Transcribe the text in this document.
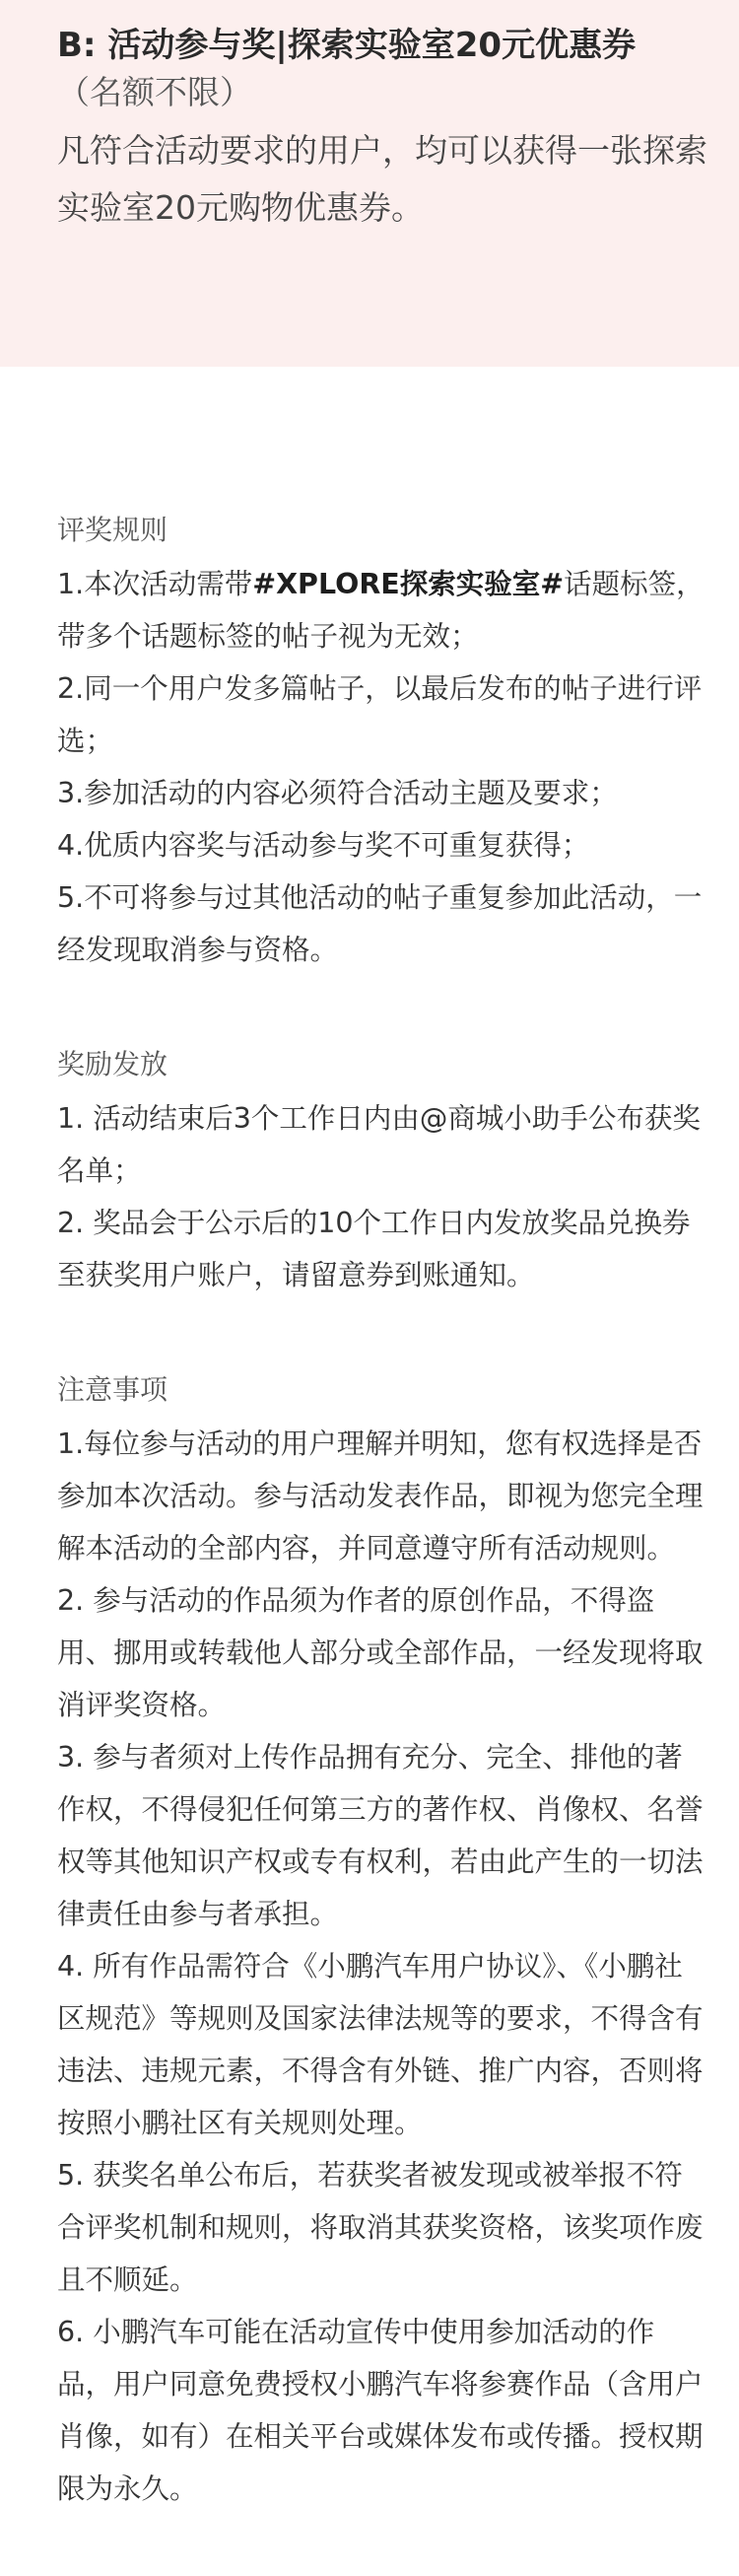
B: 活动参与奖|探索实验室20元优惠券

（名额不限）

凡符合活动要求的用户，均可以获得一张探索实验室20元购物优惠券。

评奖规则

1.本次活动需带#XPLORE探索实验室#话题标签，带多个话题标签的帖子视为无效；

2.同一个用户发多篇帖子，以最后发布的帖子进行评选；

3.参加活动的内容必须符合活动主题及要求；

4.优质内容奖与活动参与奖不可重复获得；

5.不可将参与过其他活动的帖子重复参加此活动，一经发现取消参与资格。

奖励发放

1. 活动结束后3个工作日内由@商城小助手公布获奖名单；

2. 奖品会于公示后的10个工作日内发放奖品兑换券至获奖用户账户，请留意券到账通知。

注意事项

1.每位参与活动的用户理解并明知，您有权选择是否参加本次活动。参与活动发表作品，即视为您完全理解本活动的全部内容，并同意遵守所有活动规则。

2. 参与活动的作品须为作者的原创作品，不得盗用、挪用或转载他人部分或全部作品，一经发现将取消评奖资格。

3. 参与者须对上传作品拥有充分、完全、排他的著作权，不得侵犯任何第三方的著作权、肖像权、名誉权等其他知识产权或专有权利，若由此产生的一切法律责任由参与者承担。

4. 所有作品需符合《小鹏汽车用户协议》、《小鹏社区规范》等规则及国家法律法规等的要求，不得含有违法、违规元素，不得含有外链、推广内容，否则将按照小鹏社区有关规则处理。

5. 获奖名单公布后，若获奖者被发现或被举报不符合评奖机制和规则，将取消其获奖资格，该奖项作废且不顺延。

6. 小鹏汽车可能在活动宣传中使用参加活动的作品，用户同意免费授权小鹏汽车将参赛作品（含用户肖像，如有）在相关平台或媒体发布或传播。授权期限为永久。
